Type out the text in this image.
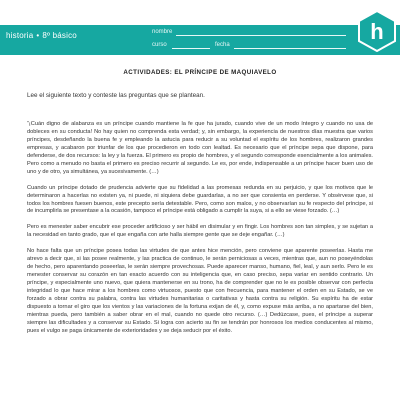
historia • 8º básico	nombre
curso	fecha
h
ACTIVIDADES: EL PRÍNCIPE DE MAQUIAVELO
Lee el siguiente texto y conteste las preguntas que se plantean.

“¡Cuán digno de alabanza es un príncipe cuando mantiene la fe que ha jurado, cuando vive de un modo íntegro y cuando no usa de dobleces en su conducta! No hay quien no comprenda esta verdad; y, sin embargo, la experiencia de nuestros días muestra que varios príncipes, desdeñando la buena fe y empleando la astucia para reducir a su voluntad el espíritu de los hombres, realizaron grandes empresas, y acabaron por triunfar de los que procedieron en todo con lealtad. Es necesario que el príncipe sepa que dispone, para defenderse, de dos recursos: la ley y la fuerza. El primero es propio de hombres, y el segundo corresponde esencialmente a los animales. Pero como a menudo no basta el primero es preciso recurrir al segundo. Le es, por ende, indispensable a un príncipe hacer buen uso de uno y de otro, ya simultánea, ya sucesivamente. (…)

Cuando un príncipe dotado de prudencia advierte que su fidelidad a las promesas redunda en su perjuicio, y que los motivos que le determinaron a hacerlas no existen ya, ni puede, ni siquiera debe guardarlas, a no ser que consienta en perderse. Y obsérvese que, si todos los hombres fuesen buenos, este precepto sería detestable. Pero, como son malos, y no observarían su fe respecto del príncipe, si de incumplirla se presentase a la ocasión, tampoco el príncipe está obligado a cumplir la suya, si a ello se viese forzado. (…)

Pero es menester saber encubrir ese proceder artificioso y ser hábil en disimular y en fingir. Los hombres son tan simples, y se sujetan a la necesidad en tanto grado, que el que engaña con arte halla siempre gente que se deje engañar. (…)

No hace falta que un príncipe posea todas las virtudes de que antes hice mención, pero conviene que aparente poseerlas. Hasta me atrevo a decir que, si las posee realmente, y las practica de continuo, le serán perniciosas a veces, mientras que, aun no poseyéndolas de hecho, pero aparentando poseerlas, le serán siempre provechosas. Puede aparecer manso, humano, fiel, leal, y aun serlo. Pero le es menester conservar su corazón en tan exacto acuerdo con su inteligencia que, en caso preciso, sepa variar en sentido contrario. Un príncipe, y especialmente uno nuevo, que quiera mantenerse en su trono, ha de comprender que no le es posible observar con perfecta integridad lo que hace mirar a los hombres como virtuosos, puesto que con frecuencia, para mantener el orden en su Estado, se ve forzado a obrar contra su palabra, contra las virtudes humanitarias o caritativas y hasta contra su religión. Su espíritu ha de estar dispuesto a tornar el giro que los vientos y las variaciones de la fortuna exijan de él, y, como expuse más arriba, a no apartarse del bien, mientras pueda, pero también a saber obrar en el mal, cuando no quede otro recurso. (…) Dedúzcase, pues, el príncipe a superar siempre las dificultades y a conservar su Estado. Si logra con acierto su fin se tendrán por honrosos los medios conducentes al mismo, pues el vulgo se paga únicamente de exterioridades y se deja seducir por el éxito.
